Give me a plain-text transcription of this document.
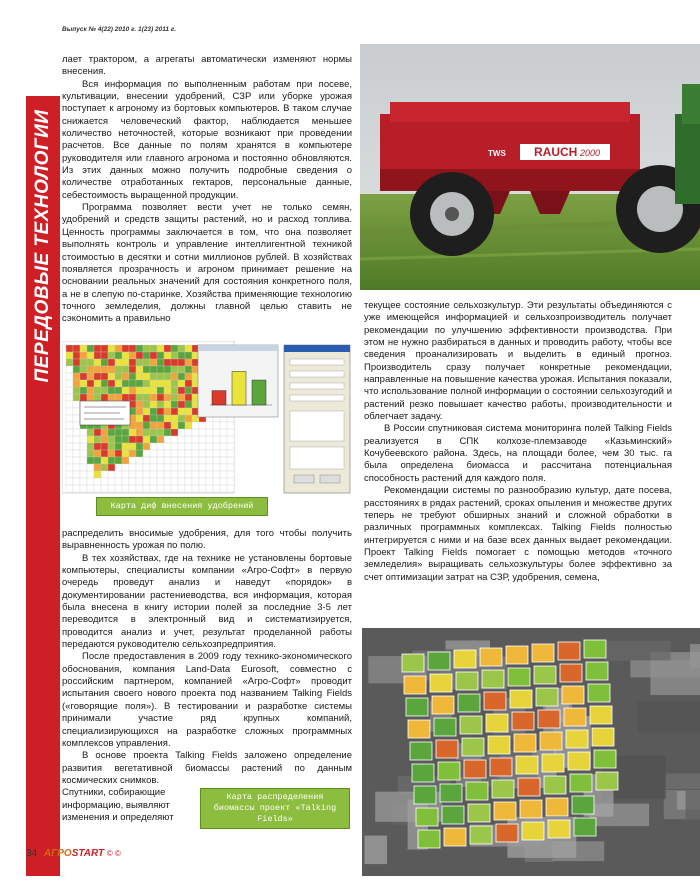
Выпуск № 4(22) 2010 г. 1(23) 2011 г.
ПЕРЕДОВЫЕ ТЕХНОЛОГИИ	RAUCH 2000
TWS

лает трактором, а агрегаты автоматически изменяют нормы внесения.

Вся информация по выполненным работам при посеве, культивации, внесении удобрений, СЗР или уборке урожая поступает к агроному из бортовых компьютеров. В таком случае снижается человеческий фактор, наблюдается меньшее количество неточностей, которые возникают при проведении расчетов. Все данные по полям хранятся в компьютере руководителя или главного агронома и постоянно обновляются. Из этих данных можно получить подробные сведения о количестве отработанных гектаров, персональные данные, себестоимость выращенной продукции.

Программа позволяет вести учет не только семян, удобрений и средств защиты растений, но и расход топлива. Ценность программы заключается в том, что она позволяет выполнять контроль и управление интеллигентной техникой стоимостью в десятки и сотни миллионов рублей. В хозяйствах появляется прозрачность и агроном принимает решение на основании реальных значений для состояния конкретного поля, а не в слепую по-старинке. Хозяйства применяющие технологию точного земледелия, должны главной целью ставить не сэкономить а правильно

Карта диф внесения удобрений

текущее состояние сельхозкультур. Эти результаты объединяются с уже имеющейся информацией и сельхозпроизводитель получает рекомендации по улучшению эффективности производства. При этом не нужно разбираться в данных и проводить работу, чтобы все сведения проанализировать и выделить в единый прогноз. Производитель сразу получает конкретные рекомендации, направленные на повышение качества урожая. Испытания показали, что использование полной информации о состоянии сельхозугодий и растений резко повышает качество работы, производительности и облегчает задачу.

В России спутниковая система мониторинга полей Talking Fields реализуется в СПК колхозе-племзаводе «Казьминский» Кочубеевского района. Здесь, на площади более, чем 30 тыс. га была определена биомасса и рассчитана потенциальная способность растений для каждого поля.

Рекомендации системы по разнообразию культур, дате посева, расстояниях в рядах растений, сроках опыления и множестве других теперь не требуют обширных знаний и сложной обработки в различных программных комплексах. Talking Fields полностью интегрируется с ними и на базе всех данных выдает рекомендации. Проект Talking Fields помогает с помощью методов «точного земледелия» выращивать сельхозкультуры более эффективно за счет оптимизации затрат на СЗР, удобрения, семена,

распределить вносимые удобрения, для того чтобы получить выравненность урожая по полю.

В тех хозяйствах, где на технике не установлены бортовые компьютеры, специалисты компании «Агро-Софт» в первую очередь проведут анализ и наведут «порядок» в документировании растениеводства, вся информация, которая была внесена в книгу истории полей за последние 3-5 лет переводится в электронный вид и систематизируется, проводится анализ и учет, результат проделанной работы передаются руководителю сельхозпредприятия.

После предоставления в 2009 году технико-экономического обоснования, компания Land-Data Eurosoft, совместно с российским партнером, компанией «Агро-Софт» проводит испытания своего нового проекта под названием Talking Fields («говорящие поля»). В тестировании и разработке системы принимали участие ряд крупных компаний, специализирующихся на разработке сложных программных комплексов управления.

В основе проекта Talking Fields заложено определение развития вегетативной биомассы растений по данным космических снимков.

Спутники, собирающие информацию, выявляют изменения и определяют

Карта распределения биомассы проект «Talking Fields»
34 АГРОSTART © ©
